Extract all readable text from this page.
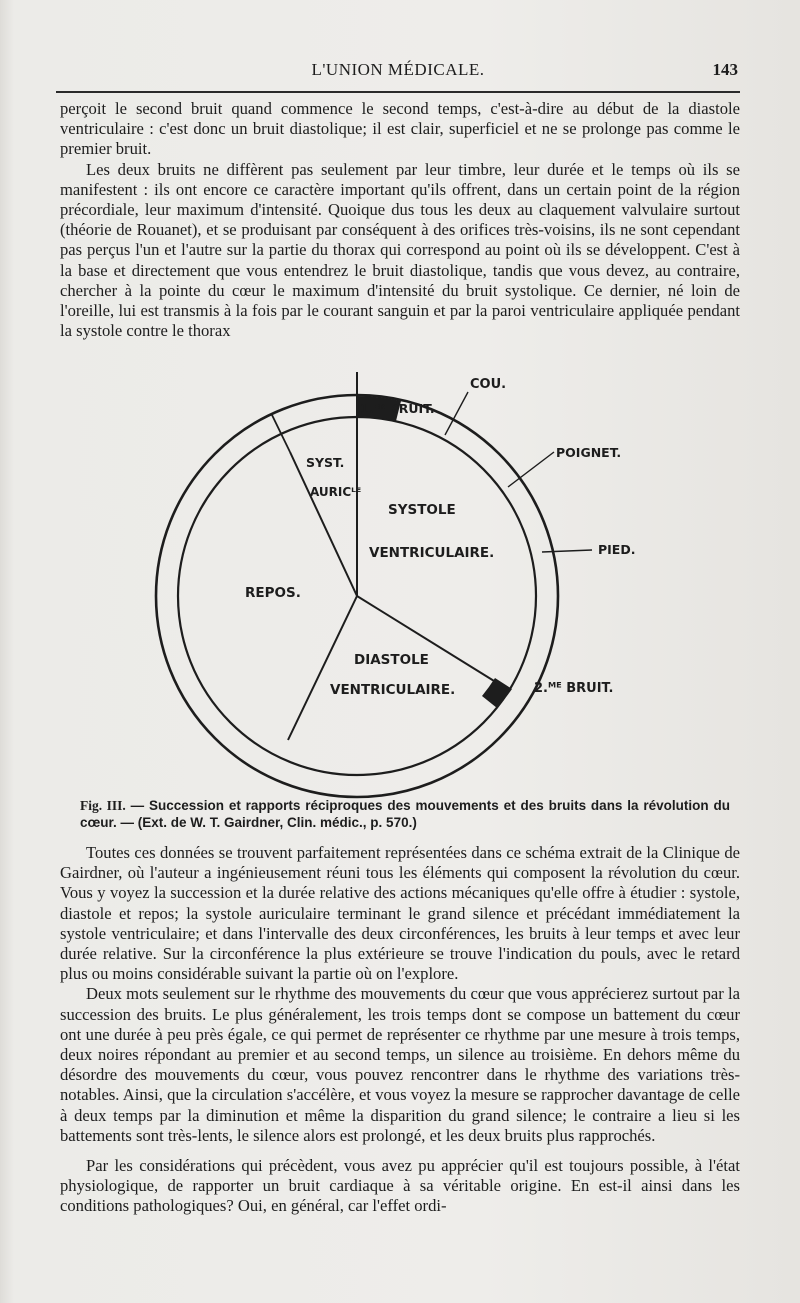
L'UNION MÉDICALE.	143

perçoit le second bruit quand commence le second temps, c'est-à-dire au début de la diastole ventriculaire : c'est donc un bruit diastolique; il est clair, superficiel et ne se prolonge pas comme le premier bruit.

Les deux bruits ne diffèrent pas seulement par leur timbre, leur durée et le temps où ils se manifestent : ils ont encore ce caractère important qu'ils offrent, dans un certain point de la région précordiale, leur maximum d'intensité. Quoique dus tous les deux au claquement valvulaire surtout (théorie de Rouanet), et se produisant par conséquent à des orifices très-voisins, ils ne sont cependant pas perçus l'un et l'autre sur la partie du thorax qui correspond au point où ils se développent. C'est à la base et directement que vous entendrez le bruit diastolique, tandis que vous devez, au contraire, chercher à la pointe du cœur le maximum d'intensité du bruit systolique. Ce dernier, né loin de l'oreille, lui est transmis à la fois par le courant sanguin et par la paroi ventriculaire appliquée pendant la systole contre le thorax

COU.
1.ᴱᴿ BRUIT.
POIGNET.
PIED.
SYST.
AURICᴸᴱ
SYSTOLE
VENTRICULAIRE.
REPOS.
DIASTOLE
VENTRICULAIRE.	2.ᴹᴱ BRUIT.
Fig. III. — Succession et rapports réciproques des mouvements et des bruits dans la révolution du cœur. — (Ext. de W. T. Gairdner, Clin. médic., p. 570.)

Toutes ces données se trouvent parfaitement représentées dans ce schéma extrait de la Clinique de Gairdner, où l'auteur a ingénieusement réuni tous les éléments qui composent la révolution du cœur. Vous y voyez la succession et la durée relative des actions mécaniques qu'elle offre à étudier : systole, diastole et repos; la systole auriculaire terminant le grand silence et précédant immédiatement la systole ventriculaire; et dans l'intervalle des deux circonférences, les bruits à leur temps et avec leur durée relative. Sur la circonférence la plus extérieure se trouve l'indication du pouls, avec le retard plus ou moins considérable suivant la partie où on l'explore.

Deux mots seulement sur le rhythme des mouvements du cœur que vous apprécierez surtout par la succession des bruits. Le plus généralement, les trois temps dont se compose un battement du cœur ont une durée à peu près égale, ce qui permet de représenter ce rhythme par une mesure à trois temps, deux noires répondant au premier et au second temps, un silence au troisième. En dehors même du désordre des mouvements du cœur, vous pouvez rencontrer dans le rhythme des variations très-notables. Ainsi, que la circulation s'accélère, et vous voyez la mesure se rapprocher davantage de celle à deux temps par la diminution et même la disparition du grand silence; le contraire a lieu si les battements sont très-lents, le silence alors est prolongé, et les deux bruits plus rapprochés.

Par les considérations qui précèdent, vous avez pu apprécier qu'il est toujours possible, à l'état physiologique, de rapporter un bruit cardiaque à sa véritable origine. En est-il ainsi dans les conditions pathologiques? Oui, en général, car l'effet ordi-
